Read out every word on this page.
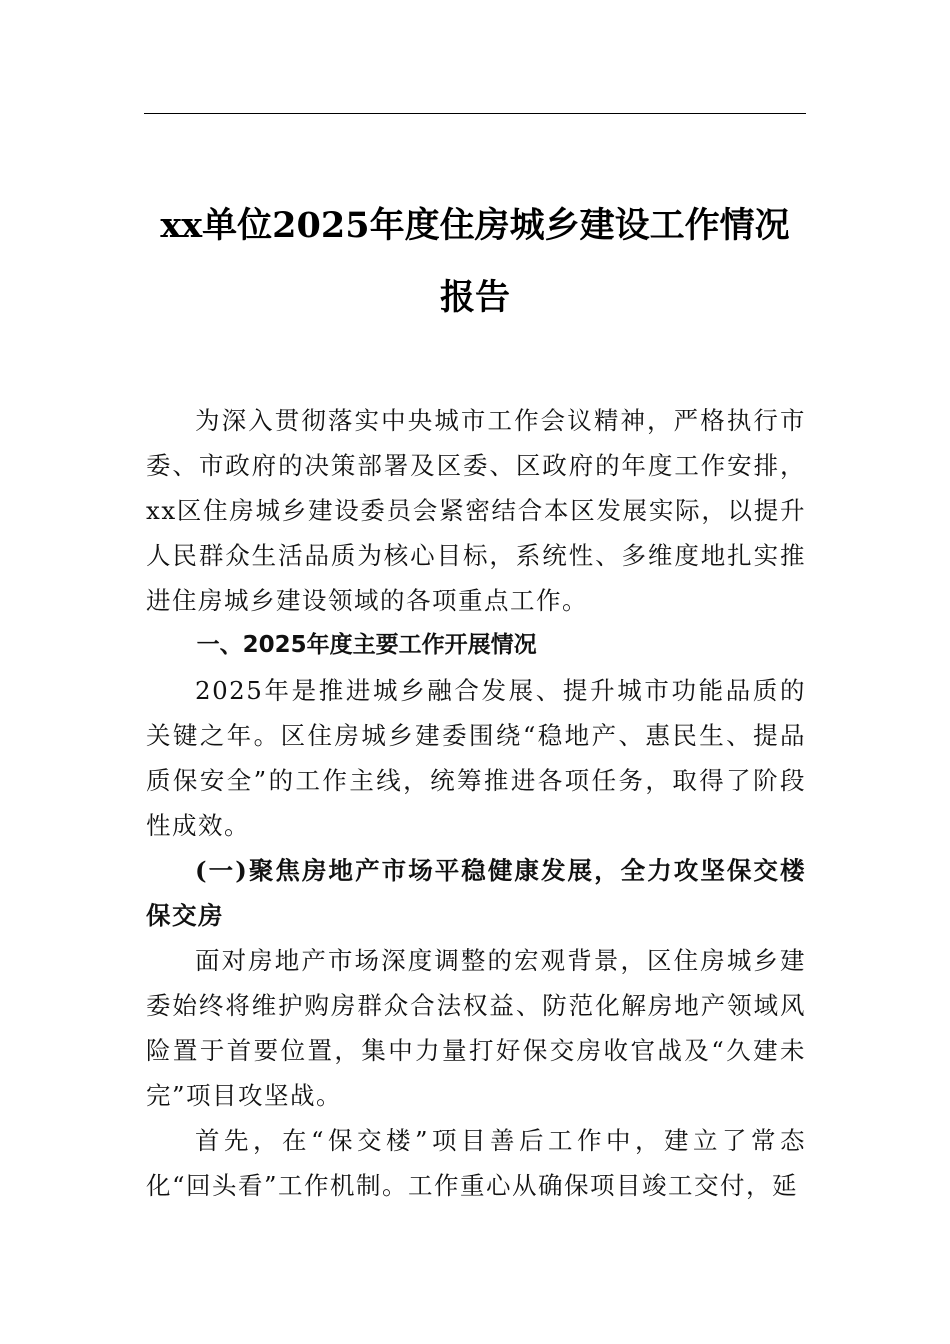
xx单位2025年度住房城乡建设工作情况报告

为深入贯彻落实中央城市工作会议精神，严格执行市委、市政府的决策部署及区委、区政府的年度工作安排，xx区住房城乡建设委员会紧密结合本区发展实际，以提升人民群众生活品质为核心目标，系统性、多维度地扎实推进住房城乡建设领域的各项重点工作。

一、2025年度主要工作开展情况

2025年是推进城乡融合发展、提升城市功能品质的关键之年。区住房城乡建委围绕“稳地产、惠民生、提品质保安全”的工作主线，统筹推进各项任务，取得了阶段性成效。

(一)聚焦房地产市场平稳健康发展，全力攻坚保交楼保交房

面对房地产市场深度调整的宏观背景，区住房城乡建委始终将维护购房群众合法权益、防范化解房地产领域风险置于首要位置，集中力量打好保交房收官战及“久建未完”项目攻坚战。

首先，在“保交楼”项目善后工作中，建立了常态化“回头看”工作机制。工作重心从确保项目竣工交付，延
